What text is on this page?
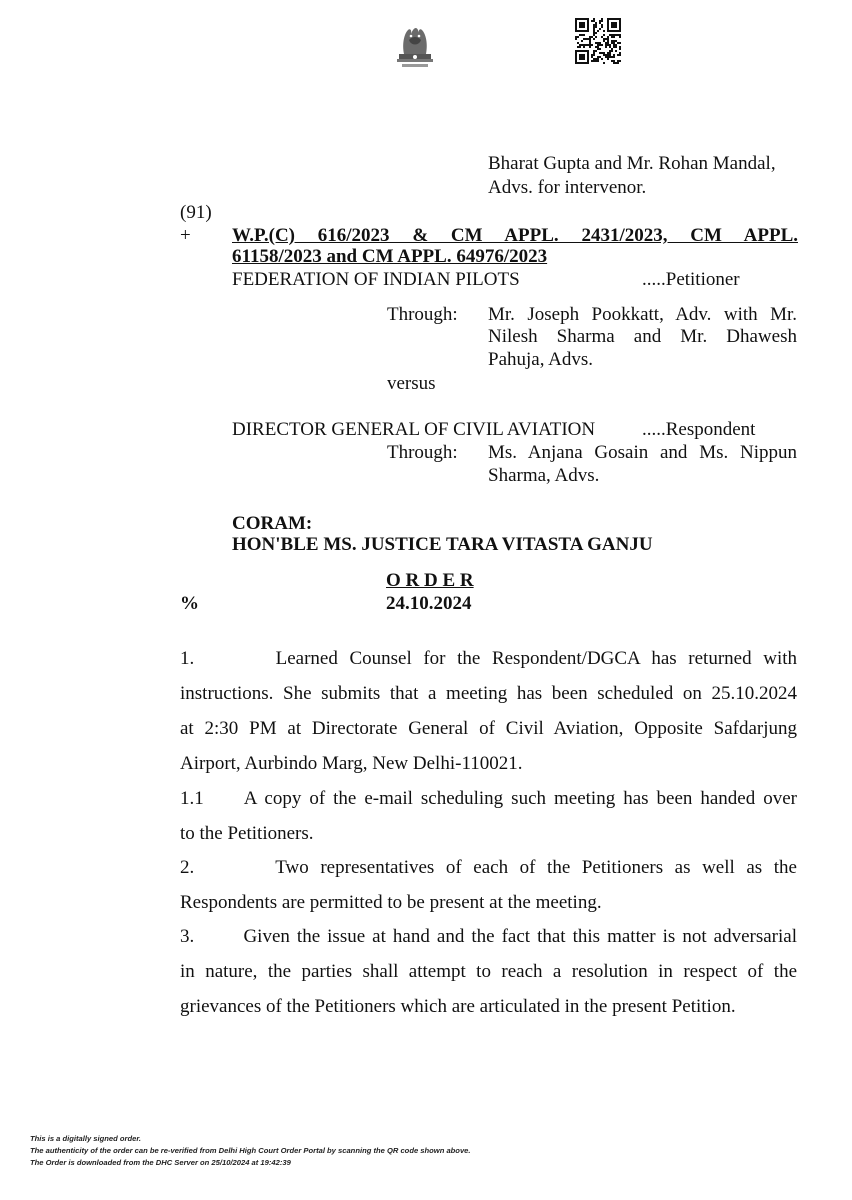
Bharat Gupta and Mr. Rohan Mandal,
Advs. for intervenor.
(91)
+ W.P.(C) 616/2023 & CM APPL. 2431/2023, CM APPL.
61158/2023 and CM APPL. 64976/2023
FEDERATION OF INDIAN PILOTS	.....Petitioner
Through: Mr. Joseph Pookkatt, Adv. with Mr.
Nilesh Sharma and Mr. Dhawesh
Pahuja, Advs.
versus
DIRECTOR GENERAL OF CIVIL AVIATION .....Respondent
Through: Ms. Anjana Gosain and Ms. Nippun
Sharma, Advs.
CORAM:
HON'BLE MS. JUSTICE TARA VITASTA GANJU
O R D E R
%	24.10.2024
1.       Learned Counsel for the Respondent/DGCA has returned with
instructions. She submits that a meeting has been scheduled on 25.10.2024
at 2:30 PM at Directorate General of Civil Aviation, Opposite Safdarjung
Airport, Aurbindo Marg, New Delhi-110021.
1.1     A copy of the e-mail scheduling such meeting has been handed over
to the Petitioners.
2.       Two representatives of each of the Petitioners as well as the
Respondents are permitted to be present at the meeting.
3.       Given the issue at hand and the fact that this matter is not adversarial
in nature, the parties shall attempt to reach a resolution in respect of the
grievances of the Petitioners which are articulated in the present Petition.
This is a digitally signed order.
The authenticity of the order can be re-verified from Delhi High Court Order Portal by scanning the QR code shown above.
The Order is downloaded from the DHC Server on 25/10/2024 at 19:42:39
